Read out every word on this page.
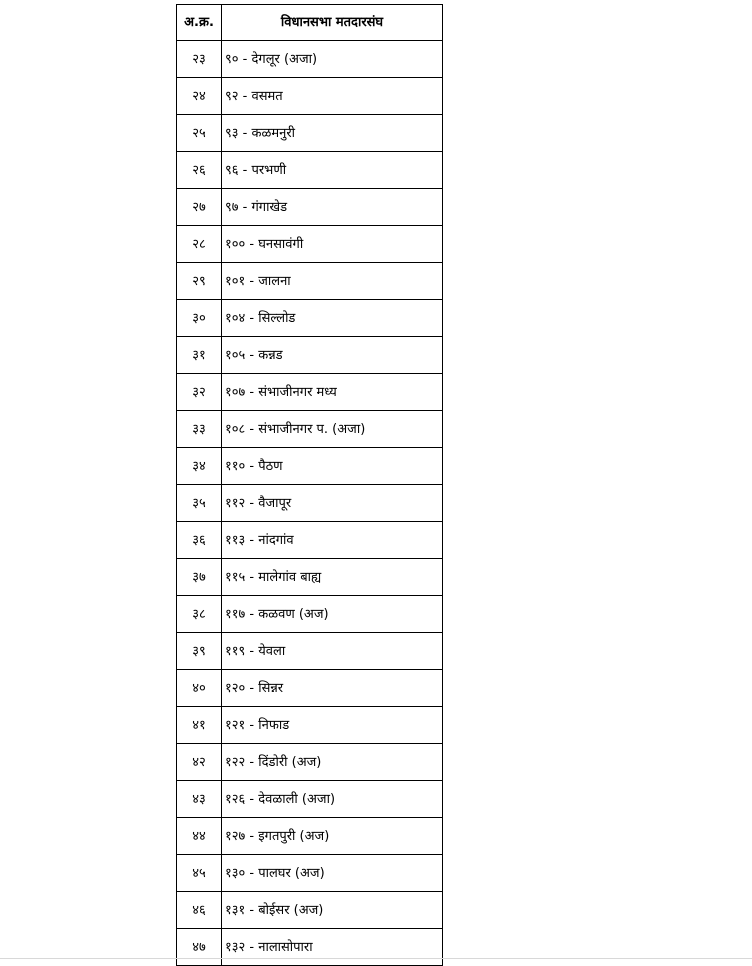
अ.क्र.	विधानसभा मतदारसंघ
२३	९० - देगलूर (अजा)
२४	९२ - वसमत
२५	९३ - कळमनुरी
२६	९६ - परभणी
२७	९७ - गंगाखेड
२८	१०० - घनसावंगी
२९	१०१ - जालना
३०	१०४ - सिल्लोड
३१	१०५ - कन्नड
३२	१०७ - संभाजीनगर मध्य
३३	१०८ - संभाजीनगर प. (अजा)
३४	११० - पैठण
३५	११२ - वैजापूर
३६	११३ - नांदगांव
३७	११५ - मालेगांव बाह्य
३८	११७ - कळवण (अज)
३९	११९ - येवला
४०	१२० - सिन्नर
४१	१२१ - निफाड
४२	१२२ - दिंडोरी (अज)
४३	१२६ - देवळाली (अजा)
४४	१२७ - इगतपुरी (अज)
४५	१३० - पालघर (अज)
४६	१३१ - बोईसर (अज)
४७	१३२ - नालासोपारा
